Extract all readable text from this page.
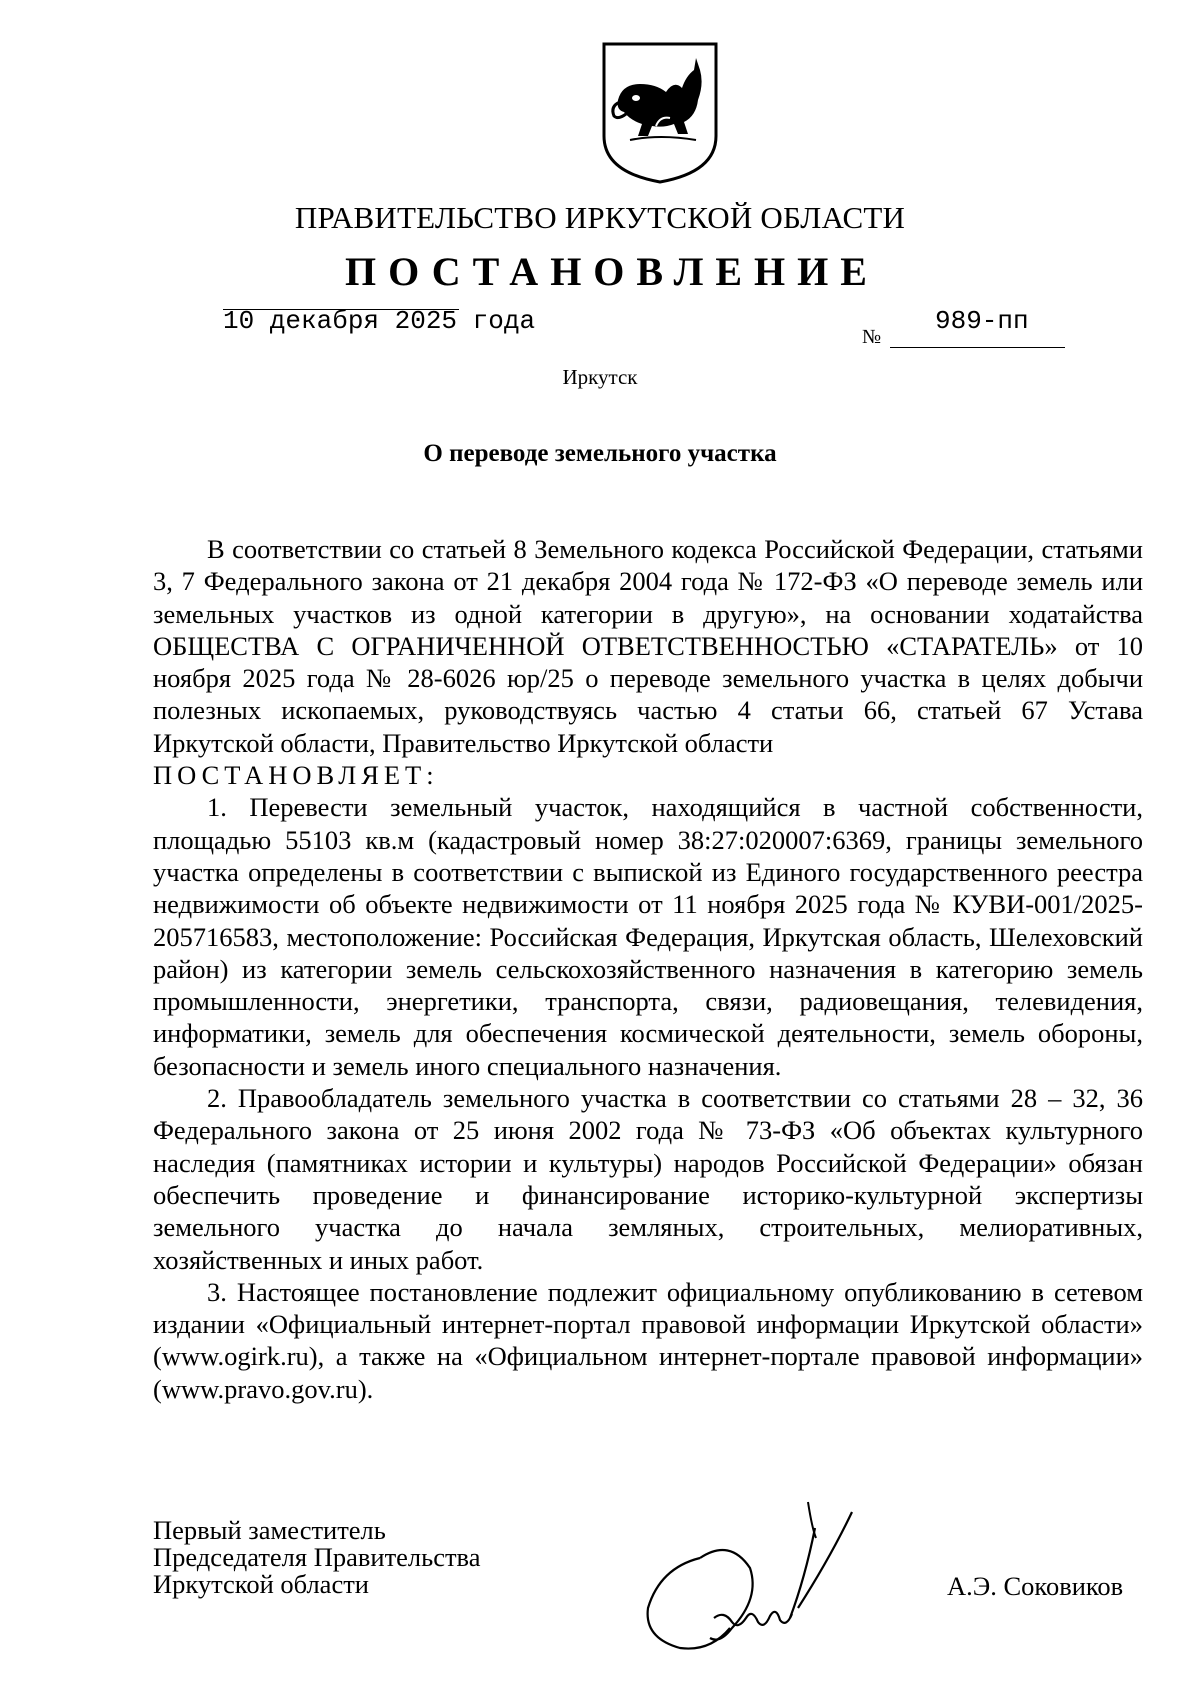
ПРАВИТЕЛЬСТВО ИРКУТСКОЙ ОБЛАСТИ
ПОСТАНОВЛЕНИЕ
10 декабря 2025 года
№
989-пп
Иркутск
О переводе земельного участка

В соответствии со статьей 8 Земельного кодекса Российской Федерации, статьями 3, 7 Федерального закона от 21 декабря 2004 года № 172-ФЗ «О переводе земель или земельных участков из одной категории в другую», на основании ходатайства ОБЩЕСТВА С ОГРАНИЧЕННОЙ ОТВЕТСТВЕННОСТЬЮ «СТАРАТЕЛЬ» от 10 ноября 2025 года № 28-6026 юр/25 о переводе земельного участка в целях добычи полезных ископаемых, руководствуясь частью 4 статьи 66, статьей 67 Устава Иркутской области, Правительство Иркутской области

ПОСТАНОВЛЯЕТ:

1. Перевести земельный участок, находящийся в частной собственности, площадью 55103 кв.м (кадастровый номер 38:27:020007:6369, границы земельного участка определены в соответствии с выпиской из Единого государственного реестра недвижимости об объекте недвижимости от 11 ноября 2025 года № КУВИ-001/2025-205716583, местоположение: Российская Федерация, Иркутская область, Шелеховский район) из категории земель сельскохозяйственного назначения в категорию земель промышленности, энергетики, транспорта, связи, радиовещания, телевидения, информатики, земель для обеспечения космической деятельности, земель обороны, безопасности и земель иного специального назначения.

2. Правообладатель земельного участка в соответствии со статьями 28 – 32, 36 Федерального закона от 25 июня 2002 года № 73-ФЗ «Об объектах культурного наследия (памятниках истории и культуры) народов Российской Федерации» обязан обеспечить проведение и финансирование историко-культурной экспертизы земельного участка до начала земляных, строительных, мелиоративных, хозяйственных и иных работ.

3. Настоящее постановление подлежит официальному опубликованию в сетевом издании «Официальный интернет-портал правовой информации Иркутской области» (www.ogirk.ru), а также на «Официальном интернет-портале правовой информации» (www.pravo.gov.ru).

Первый заместитель
Председателя Правительства
Иркутской области	А.Э. Соковиков
